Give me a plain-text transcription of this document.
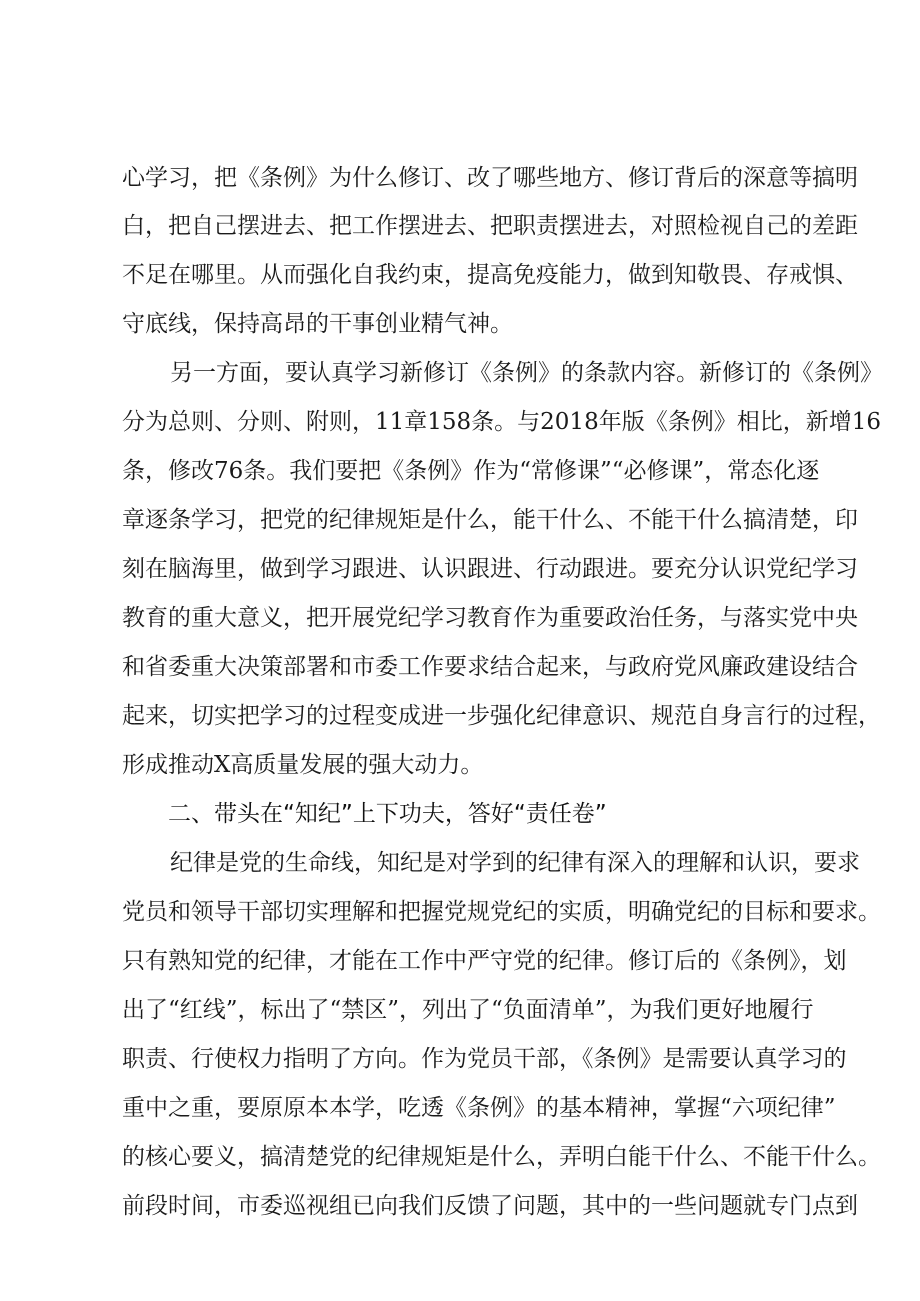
心学习，把《条例》为什么修订、改了哪些地方、修订背后的深意等搞明
白，把自己摆进去、把工作摆进去、把职责摆进去，对照检视自己的差距
不足在哪里。从而强化自我约束，提高免疫能力，做到知敬畏、存戒惧、
守底线，保持高昂的干事创业精气神。
另一方面，要认真学习新修订《条例》的条款内容。新修订的《条例》
分为总则、分则、附则，11章158条。与2018年版《条例》相比，新增16
条，修改76条。我们要把《条例》作为“常修课”“必修课”，常态化逐
章逐条学习，把党的纪律规矩是什么，能干什么、不能干什么搞清楚，印
刻在脑海里，做到学习跟进、认识跟进、行动跟进。要充分认识党纪学习
教育的重大意义，把开展党纪学习教育作为重要政治任务，与落实党中央
和省委重大决策部署和市委工作要求结合起来，与政府党风廉政建设结合
起来，切实把学习的过程变成进一步强化纪律意识、规范自身言行的过程，
形成推动X高质量发展的强大动力。
二、带头在“知纪”上下功夫，答好“责任卷”
纪律是党的生命线，知纪是对学到的纪律有深入的理解和认识，要求
党员和领导干部切实理解和把握党规党纪的实质，明确党纪的目标和要求。
只有熟知党的纪律，才能在工作中严守党的纪律。修订后的《条例》，划
出了“红线”，标出了“禁区”，列出了“负面清单”，为我们更好地履行
职责、行使权力指明了方向。作为党员干部，《条例》是需要认真学习的
重中之重，要原原本本学，吃透《条例》的基本精神，掌握“六项纪律”
的核心要义，搞清楚党的纪律规矩是什么，弄明白能干什么、不能干什么。
前段时间，市委巡视组已向我们反馈了问题，其中的一些问题就专门点到
